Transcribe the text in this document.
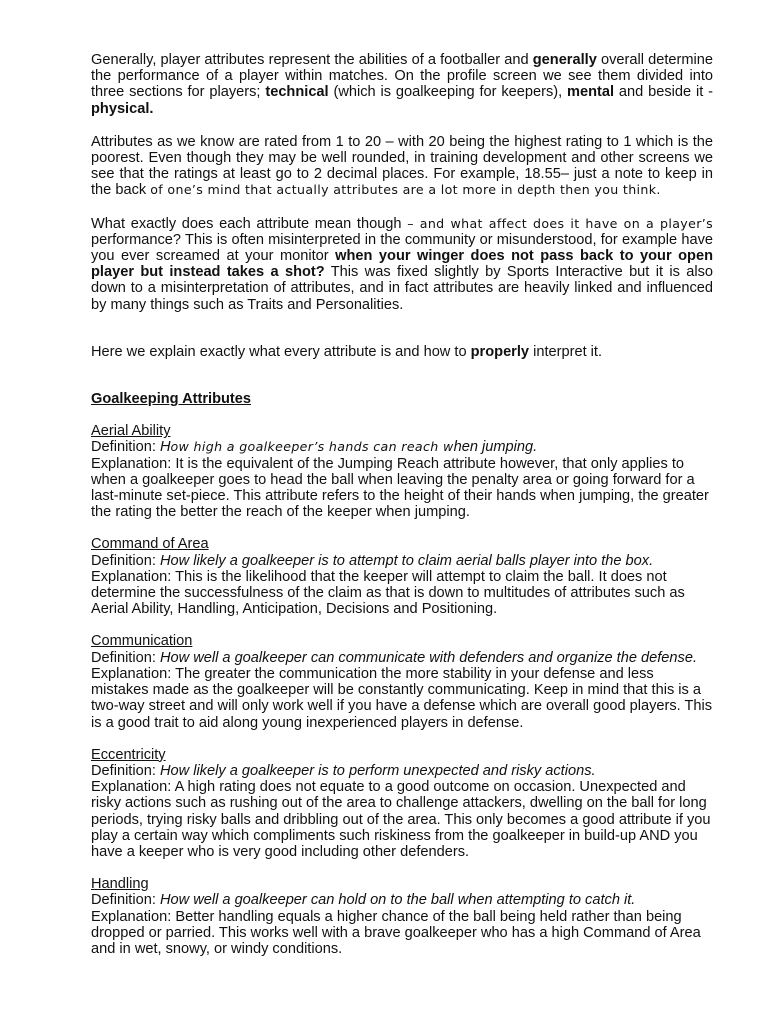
Generally, player attributes represent the abilities of a footballer and generally overall determine the performance of a player within matches. On the profile screen we see them divided into three sections for players; technical (which is goalkeeping for keepers), mental and beside it - physical.

Attributes as we know are rated from 1 to 20 – with 20 being the highest rating to 1 which is the poorest. Even though they may be well rounded, in training development and other screens we see that the ratings at least go to 2 decimal places. For example, 18.55– just a note to keep in the back of one’s mind that actually attributes are a lot more in depth then you think.

What exactly does each attribute mean though – and what affect does it have on a player’s performance? This is often misinterpreted in the community or misunderstood, for example have you ever screamed at your monitor when your winger does not pass back to your open player but instead takes a shot? This was fixed slightly by Sports Interactive but it is also down to a misinterpretation of attributes, and in fact attributes are heavily linked and influenced by many things such as Traits and Personalities.

Here we explain exactly what every attribute is and how to properly interpret it.

Goalkeeping Attributes

Aerial Ability

Definition: How high a goalkeeper’s hands can reach when jumping.

Explanation: It is the equivalent of the Jumping Reach attribute however, that only applies to when a goalkeeper goes to head the ball when leaving the penalty area or going forward for a last-minute set-piece. This attribute refers to the height of their hands when jumping, the greater the rating the better the reach of the keeper when jumping.

Command of Area

Definition: How likely a goalkeeper is to attempt to claim aerial balls player into the box.

Explanation: This is the likelihood that the keeper will attempt to claim the ball. It does not determine the successfulness of the claim as that is down to multitudes of attributes such as Aerial Ability, Handling, Anticipation, Decisions and Positioning.

Communication

Definition: How well a goalkeeper can communicate with defenders and organize the defense.

Explanation: The greater the communication the more stability in your defense and less mistakes made as the goalkeeper will be constantly communicating. Keep in mind that this is a two-way street and will only work well if you have a defense which are overall good players. This is a good trait to aid along young inexperienced players in defense.

Eccentricity

Definition: How likely a goalkeeper is to perform unexpected and risky actions.

Explanation: A high rating does not equate to a good outcome on occasion. Unexpected and risky actions such as rushing out of the area to challenge attackers, dwelling on the ball for long periods, trying risky balls and dribbling out of the area. This only becomes a good attribute if you play a certain way which compliments such riskiness from the goalkeeper in build-up AND you have a keeper who is very good including other defenders.

Handling

Definition: How well a goalkeeper can hold on to the ball when attempting to catch it.

Explanation: Better handling equals a higher chance of the ball being held rather than being dropped or parried. This works well with a brave goalkeeper who has a high Command of Area and in wet, snowy, or windy conditions.
